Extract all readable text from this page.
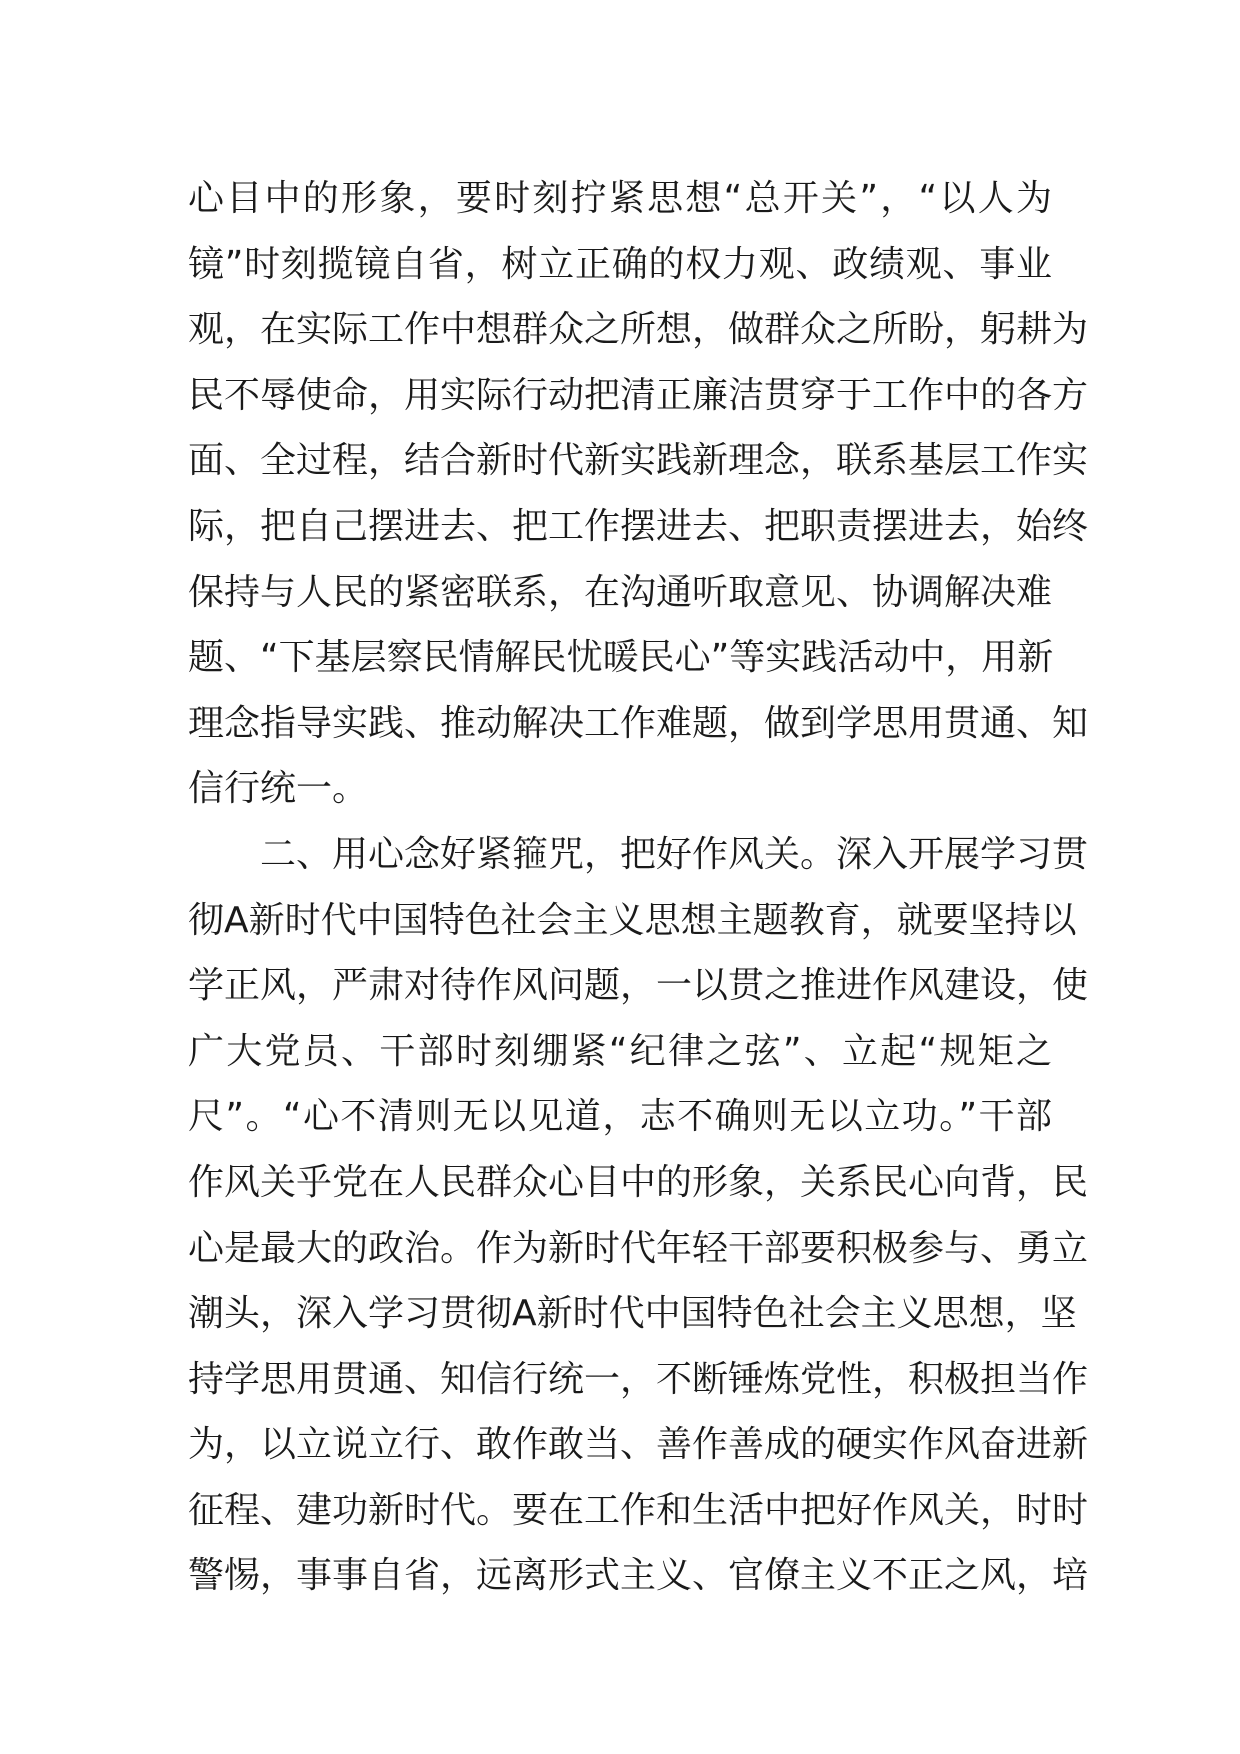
心目中的形象，要时刻拧紧思想“总开关”，“以人为
镜”时刻揽镜自省，树立正确的权力观、政绩观、事业
观，在实际工作中想群众之所想，做群众之所盼，躬耕为
民不辱使命，用实际行动把清正廉洁贯穿于工作中的各方
面、全过程，结合新时代新实践新理念，联系基层工作实
际，把自己摆进去、把工作摆进去、把职责摆进去，始终
保持与人民的紧密联系，在沟通听取意见、协调解决难
题、“下基层察民情解民忧暖民心”等实践活动中，用新
理念指导实践、推动解决工作难题，做到学思用贯通、知
信行统一。
　　二、用心念好紧箍咒，把好作风关。深入开展学习贯
彻A新时代中国特色社会主义思想主题教育，就要坚持以
学正风，严肃对待作风问题，一以贯之推进作风建设，使
广大党员、干部时刻绷紧“纪律之弦”、立起“规矩之
尺”。“心不清则无以见道，志不确则无以立功。”干部
作风关乎党在人民群众心目中的形象，关系民心向背，民
心是最大的政治。作为新时代年轻干部要积极参与、勇立
潮头，深入学习贯彻A新时代中国特色社会主义思想，坚
持学思用贯通、知信行统一，不断锤炼党性，积极担当作
为，以立说立行、敢作敢当、善作善成的硬实作风奋进新
征程、建功新时代。要在工作和生活中把好作风关，时时
警惕，事事自省，远离形式主义、官僚主义不正之风，培
